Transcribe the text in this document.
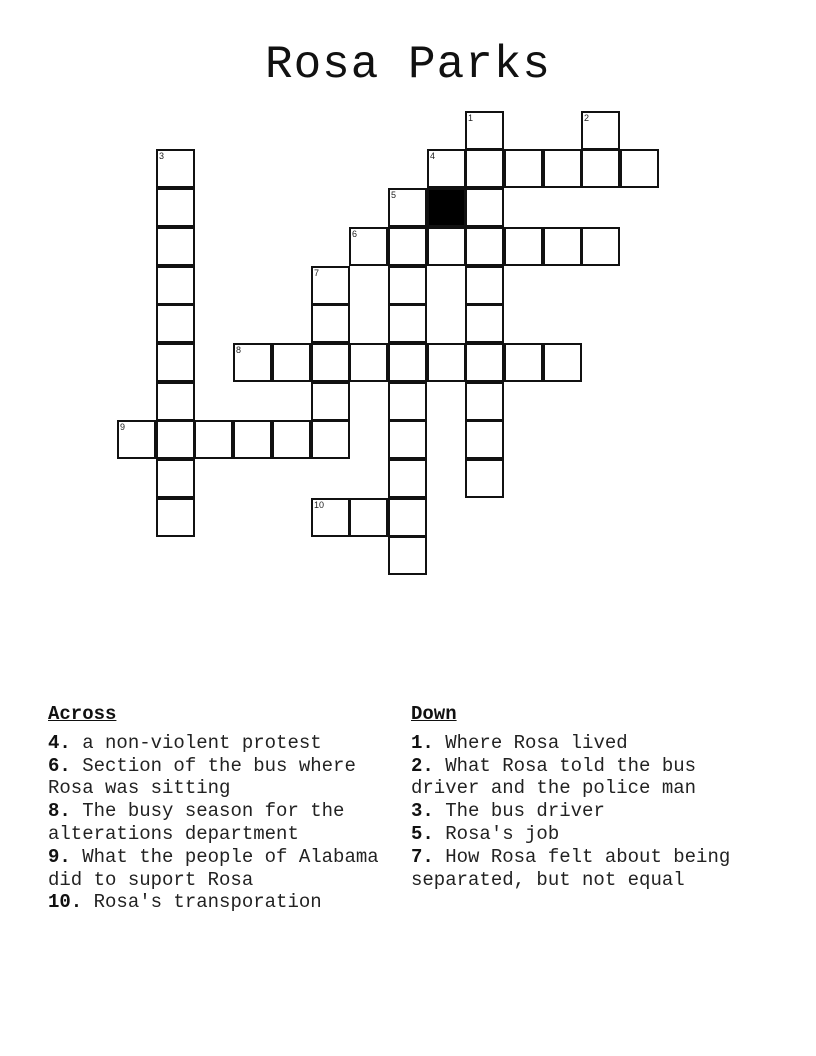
Rosa Parks
1	2
3	4
5
6
7
8
9
10
Across
4. a non-violent protest
6. Section of the bus where Rosa was sitting
8. The busy season for the alterations department
9. What the people of Alabama did to suport Rosa
10. Rosa's transporation
Down
1. Where Rosa lived
2. What Rosa told the bus driver and the police man
3. The bus driver
5. Rosa's job
7. How Rosa felt about being separated, but not equal
